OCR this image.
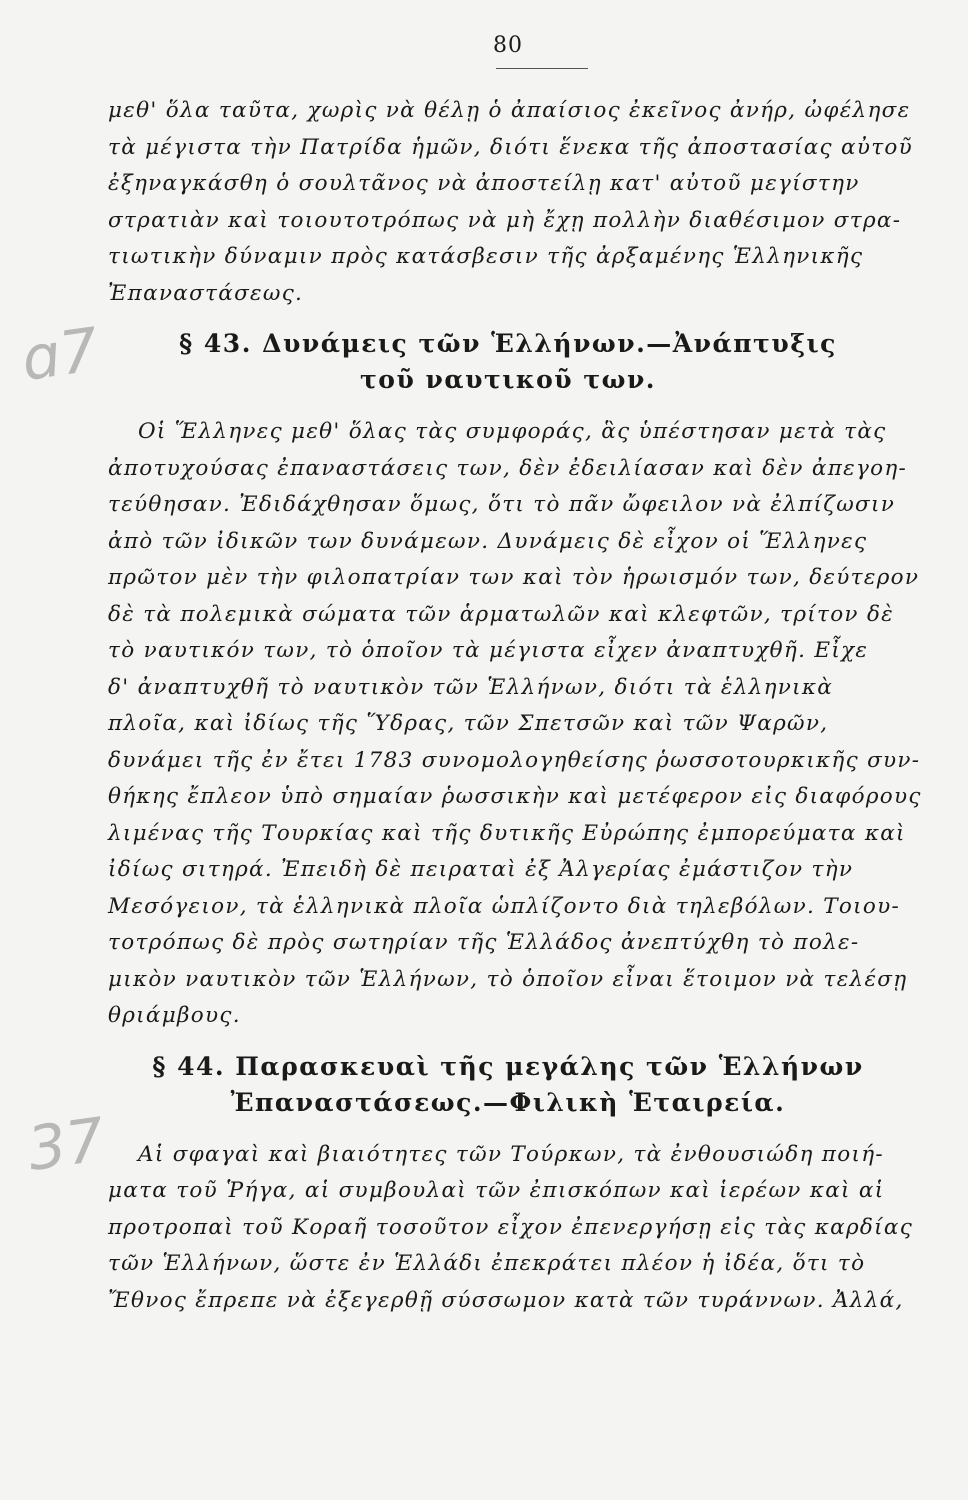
ɑ7
37
80
μεθ' ὅλα ταῦτα, χωρὶς νὰ θέλῃ ὁ ἀπαίσιος ἐκεῖνος ἀνήρ, ὠφέλησε
τὰ μέγιστα τὴν Πατρίδα ἡμῶν, διότι ἕνεκα τῆς ἀποστασίας αὐτοῦ
ἐξηναγκάσθη ὁ σουλτᾶνος νὰ ἀποστείλῃ κατ' αὐτοῦ μεγίστην
στρατιὰν καὶ τοιουτοτρόπως νὰ μὴ ἔχῃ πολλὴν διαθέσιμον στρα-
τιωτικὴν δύναμιν πρὸς κατάσβεσιν τῆς ἀρξαμένης Ἑλληνικῆς
Ἐπαναστάσεως.
§ 43. Δυνάμεις τῶν Ἑλλήνων.—Ἀνάπτυξις
τοῦ ναυτικοῦ των.
Οἱ Ἕλληνες μεθ' ὅλας τὰς συμφοράς, ἃς ὑπέστησαν μετὰ τὰς
ἀποτυχούσας ἐπαναστάσεις των, δὲν ἐδειλίασαν καὶ δὲν ἀπεγοη-
τεύθησαν. Ἐδιδάχθησαν ὅμως, ὅτι τὸ πᾶν ὤφειλον νὰ ἐλπίζωσιν
ἀπὸ τῶν ἰδικῶν των δυνάμεων. Δυνάμεις δὲ εἶχον οἱ Ἕλληνες
πρῶτον μὲν τὴν φιλοπατρίαν των καὶ τὸν ἡρωισμόν των, δεύτερον
δὲ τὰ πολεμικὰ σώματα τῶν ἁρματωλῶν καὶ κλεφτῶν, τρίτον δὲ
τὸ ναυτικόν των, τὸ ὁποῖον τὰ μέγιστα εἶχεν ἀναπτυχθῆ. Εἶχε
δ' ἀναπτυχθῆ τὸ ναυτικὸν τῶν Ἑλλήνων, διότι τὰ ἑλληνικὰ
πλοῖα, καὶ ἰδίως τῆς Ὕδρας, τῶν Σπετσῶν καὶ τῶν Ψαρῶν,
δυνάμει τῆς ἐν ἔτει 1783 συνομολογηθείσης ῥωσσοτουρκικῆς συν-
θήκης ἔπλεον ὑπὸ σημαίαν ῥωσσικὴν καὶ μετέφερον εἰς διαφόρους
λιμένας τῆς Τουρκίας καὶ τῆς δυτικῆς Εὐρώπης ἐμπορεύματα καὶ
ἰδίως σιτηρά. Ἐπειδὴ δὲ πειραταὶ ἐξ Ἀλγερίας ἐμάστιζον τὴν
Μεσόγειον, τὰ ἑλληνικὰ πλοῖα ὡπλίζοντο διὰ τηλεβόλων. Τοιου-
τοτρόπως δὲ πρὸς σωτηρίαν τῆς Ἑλλάδος ἀνεπτύχθη τὸ πολε-
μικὸν ναυτικὸν τῶν Ἑλλήνων, τὸ ὁποῖον εἶναι ἕτοιμον νὰ τελέσῃ
θριάμβους.
§ 44. Παρασκευαὶ τῆς μεγάλης τῶν Ἑλλήνων
Ἐπαναστάσεως.—Φιλικὴ Ἑταιρεία.
Αἱ σφαγαὶ καὶ βιαιότητες τῶν Τούρκων, τὰ ἐνθουσιώδη ποιή-
ματα τοῦ Ῥήγα, αἱ συμβουλαὶ τῶν ἐπισκόπων καὶ ἱερέων καὶ αἱ
προτροπαὶ τοῦ Κοραῆ τοσοῦτον εἶχον ἐπενεργήσῃ εἰς τὰς καρδίας
τῶν Ἑλλήνων, ὥστε ἐν Ἑλλάδι ἐπεκράτει πλέον ἡ ἰδέα, ὅτι τὸ
Ἔθνος ἔπρεπε νὰ ἐξεγερθῇ σύσσωμον κατὰ τῶν τυράννων. Ἀλλά,
